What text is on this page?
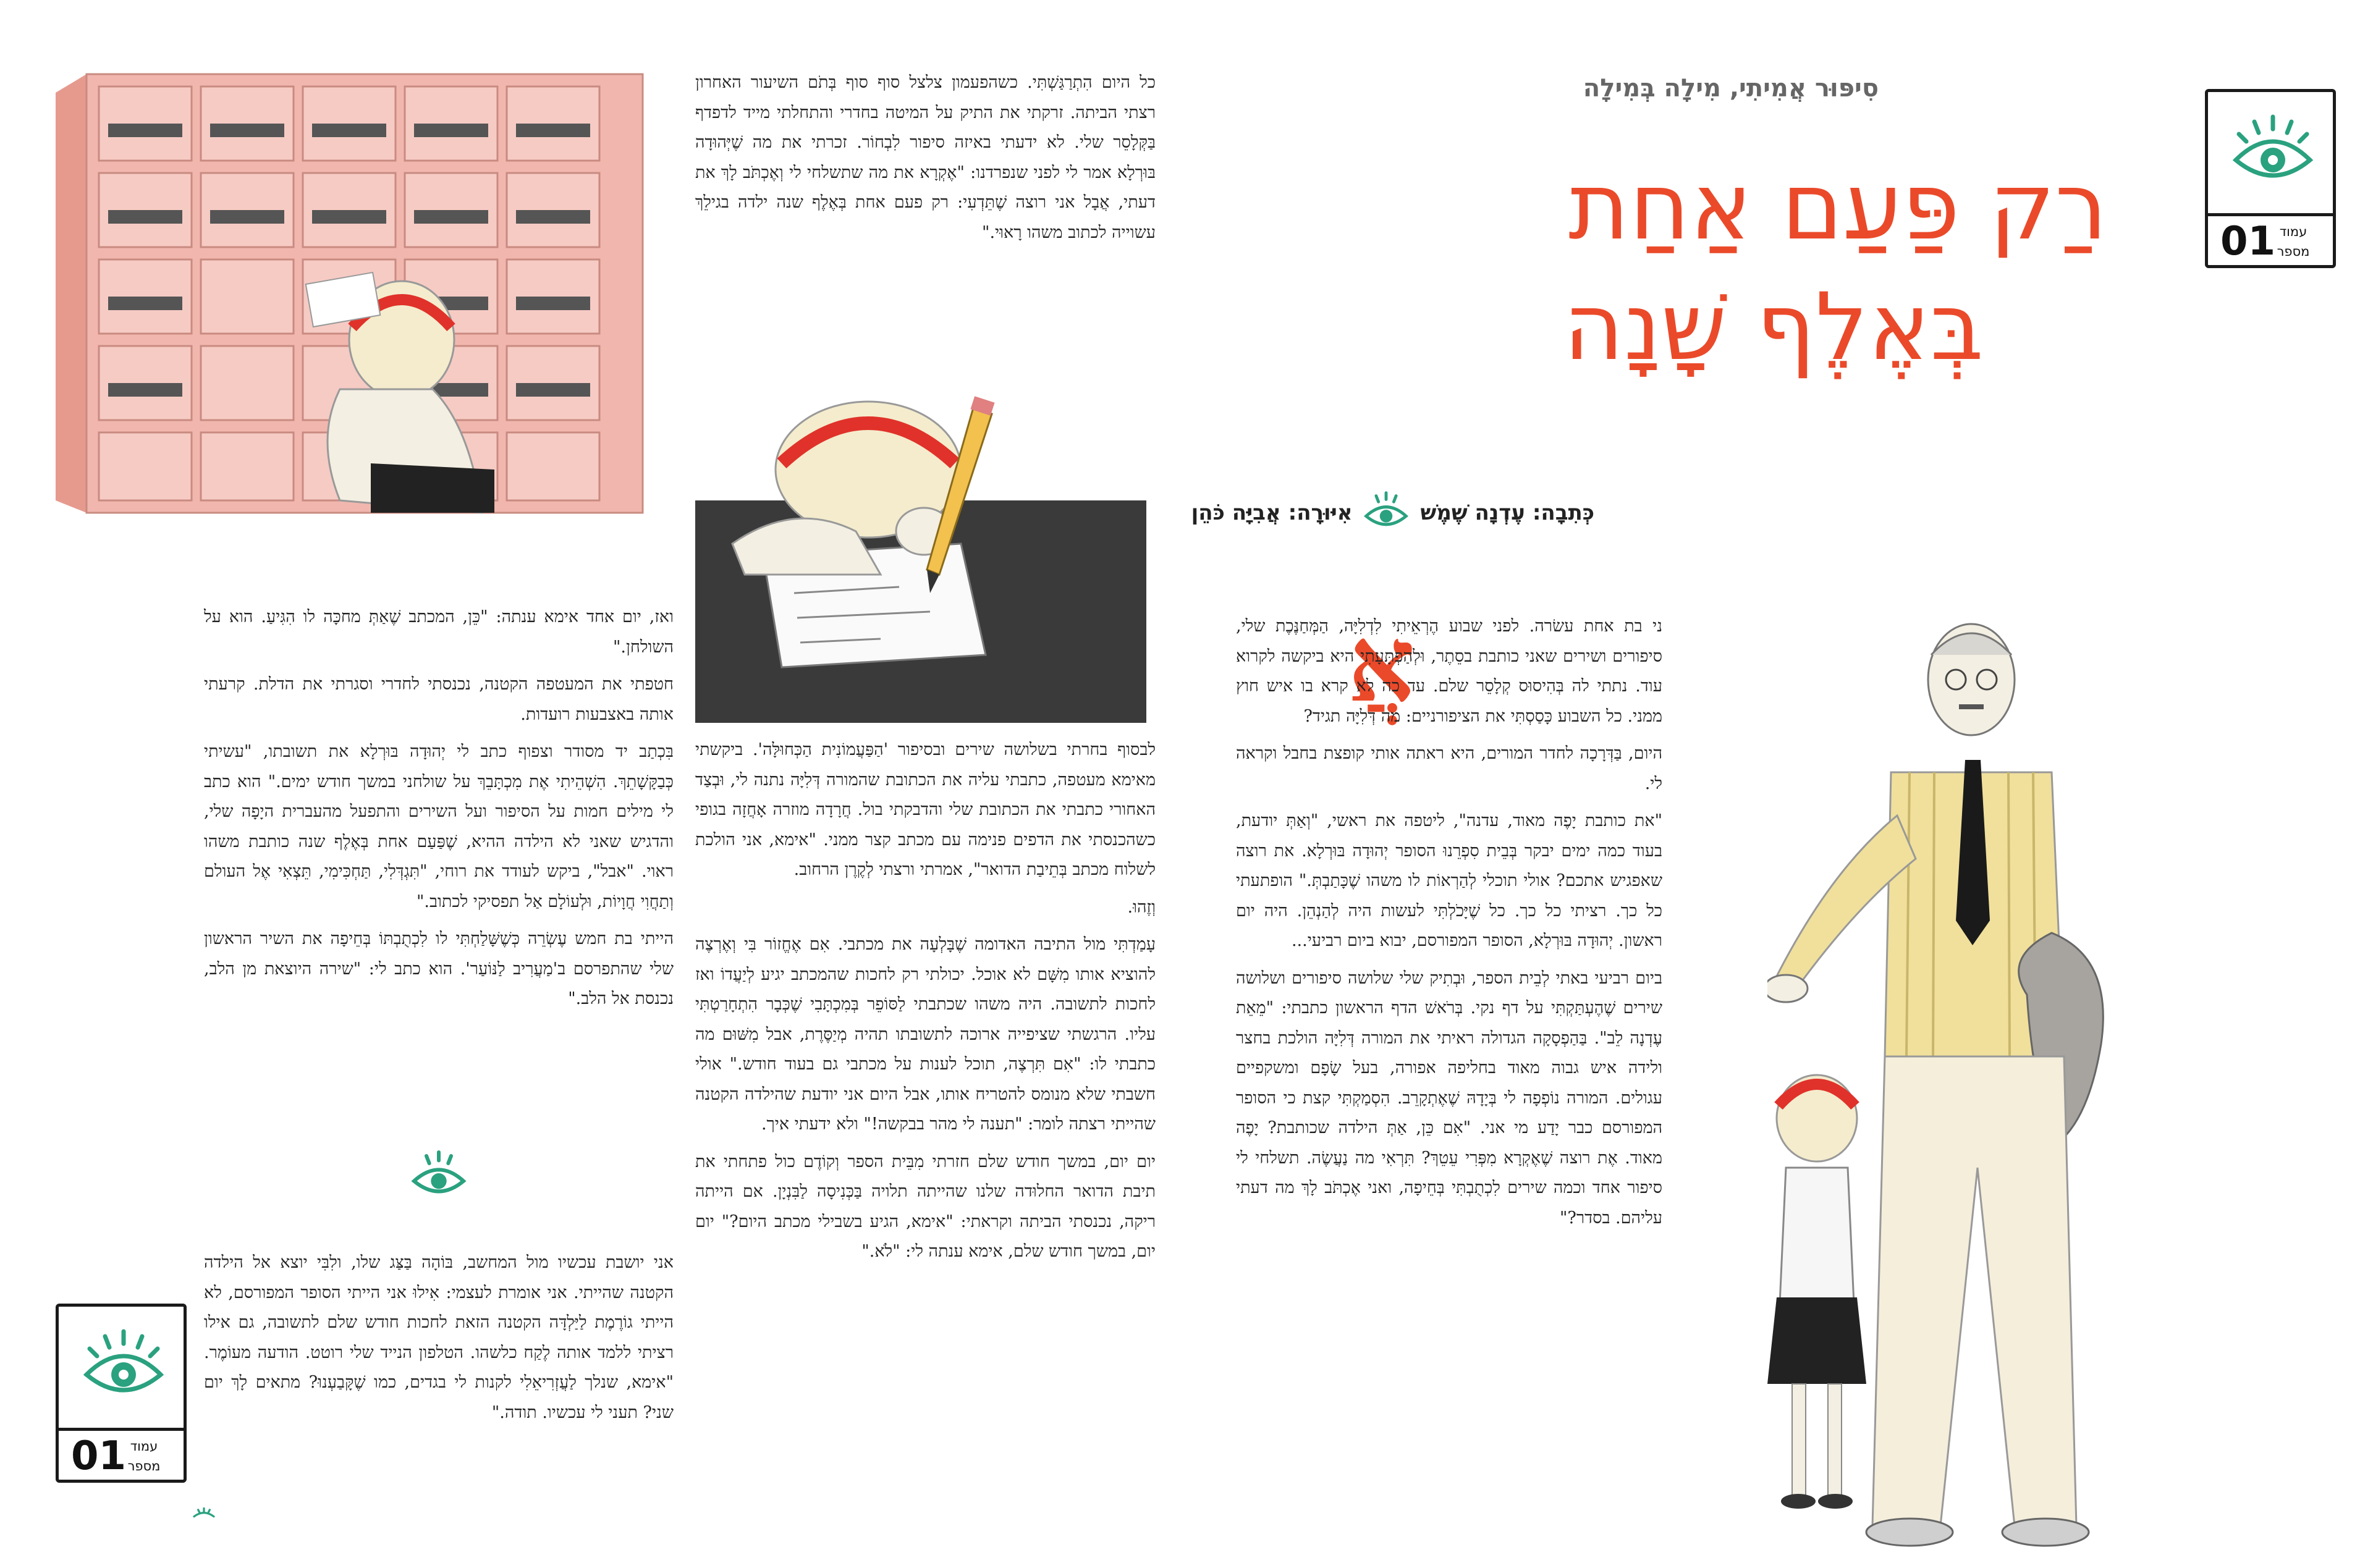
עמוד מספר
01
סִיפּוּר אֲמִיתִי, מִילָה בְּמִילָה
רַק פַּעַם אַחַת
בְּאֶלֶף שָׁנָה
כְּתִבָה:
עֶדְנָה שֶׁמֶשׁ
אִיּוּרָה:
אֲבִיָּה כֹּהֵן
אֲ

ני בת אחת עשׂרה. לפני שבוע הֶרְאֵיתִי לִדְלִיָּה, הַמְּחַנֶּכֶת שלי, סיפורים ושירים שאני כותבת בסֵתֶר, וּלְהַפְתָּעָתִי היא ביקשה לקרוא עוד. נתתי לה בְּהִיסוּס קְלָסֵר שלם. עד כה לא קרא בו איש חוץ ממני. כל השבוע כָּסַסְתִּי את הציפורניים: מה דְּלִיָּה תגיד?

היום, בַּדְּרָכָה לחדר המורים, היא ראתה אותי קופצת בחבל וקראה לי.

"את כותבת יָפֶה מאוד, עדנה", ליטפה את ראשי, "וְאַתְּ יודעת, בעוד כמה ימים יבקר בְּבֵית סִפְרֵנוּ הסופר יְהוּדָה בּוּרְלָא. את רוצה שאפגיש אתכם? אולי תוכלי לְהַרְאוֹת לו משהו שֶׁכָּתַבְתְּ." הופתעתי כל כך. רציתי כל כך. כל שֶׁיָּכֹלְתִּי לעשות היה לְהַנְהֵן. היה יום ראשון. יְהוּדָה בּוּרְלָא, הסופר המפורסם, יבוא ביום רביעי...

ביום רביעי באתי לְבֵית הספר, וּבְתִיק שלי שלושה סיפורים ושלושה שירים שֶׁהֶעְתַּקְתִּי על דף נקי. בְּרֹאשׁ הדף הראשון כתבתי: "מֵאֵת עֶדְנָה לֵב". בַּהַפְסָקָה הגדולה ראיתי את המורה דְּלִיָּה הולכת בחצר ולידה איש גבוה מאוד בחליפה אפורה, בעל שָׂפָם ומשקפיים עגולים. המורה נוֹפְפָה לי בְּיָדָהּ שֶׁאֶתְקָרֵב. הִסְמַקְתִּי קצת כי הסופר המפורסם כבר יָדַע מי אני. "אִם כֵּן, אַתְּ הילדה שכותבת? יָפֶה מאוד. אֶת רוצה שֶׁאֶקְרָא מִפְּרִי עֵטֵךְ? תִּרְאִי מה נַעֲשֶׂה. תשלחי לי סיפור אחד וכמה שירים לִכְתֻבְתִּי בְּחֵיפָה, ואני אֶכְתֹּב לָךְ מה דעתי עליהם. בסדר?"

כל היום הִתְרַגַּשְׁתִּי. כשהפעמון צלצל סוף סוף בְּתֹם השיעור האחרון רצתי הביתה. זרקתי את התיק על המיטה בחדרי והתחלתי מייד לדפדף בַּקְּלָסֵר שלי. לא ידעתי באיזה סיפור לִבְחוֹר. זכרתי את מה שֶׁיְּהוּדָה בּוּרְלָא אמר לי לפני שנפרדנו: "אֶקְרָא את מה שתשלחי לי וְאֶכְתֹּב לָךְ את דעתי, אֲבָל אני רוצה שֶׁתֵּדְעִי: רק פעם אחת בְּאֶלֶף שנה ילדה בגילֵךְ עשוייה לכתוב משהו רָאוּי."

לבסוף בחרתי בשלושה שירים ובסיפור 'הַפַּעֲמוֹנִית הַכְּחוּלָּה'. ביקשתי מאימא מעטפה, כתבתי עליה את הכתובת שהמורה דְּלִיָּה נתנה לי, וּבְצַד האחורי כתבתי את הכתובת שלי והדבקתי בול. חֲרָדָה מוזרה אָחֲזָה בגופי כשהכנסתי את הדפים פנימה עם מכתב קצר ממני. "אימא, אני הולכת לשלוח מכתב בְּתֵיבַת הדואר", אמרתי ורצתי לְקֶרֶן הרחוב.

וְזֶהוּ.

עָמַדְתִּי מול התיבה האדומה שֶׁבָּלְעָה את מכתבי. אִם אֶחֱזוֹר בִּי וְאֶרְצֶה להוציא אותו מִשָּׁם לא אוכל. יכולתי רק לחכות שהמכתב יגיע לְיַעֲדוֹ ואז לחכות לתשובה. היה משהו שכתבתי לַסּוֹפֵר בְּמִכְתָּבִי שֶׁכְּבָר הִתְחָרַטְתִּי עליו. הרגשתי שציפייה ארוכה לתשובתו תהיה מְיַסֶּרֶת, אבל מִשּׁוּם מה כתבתי לו: "אִם תִּרְצֶה, תוכל לענות על מכתבי גם בעוד חודש." אולי חשבתי שלא מנומס להטריח אותו, אבל היום אני יודעת שהילדה הקטנה שהייתי רצתה לומר: "תענה לי מהר בבקשה!" ולא ידעתי איך.

יום יום, במשך חודש שלם חזרתי מִבֵּית הספר וְקוֹדֶם כול פתחתי את תיבת הדואר החלוּדה שלנו שהייתה תלויה בַּכְּנִיסָה לַבִּנְיָן. אם הייתה ריקה, נכנסתי הביתה וקראתי: "אימא, הגיע בשבילי מכתב היום?" יום יום, במשך חודש שלם, אימא ענתה לי: "לֹא."

ואז, יום אחד אימא ענתה: "כֵּן, המכתב שֶׁאַתְּ מחכָּה לו הִגִּיעַ. הוא על השולחן."

חטפתי את המעטפה הקטנה, נכנסתי לחדרי וסגרתי את הדלת. קרעתי אותה באצבעות רועדות.

בִּכְתַב יד מסודר וצפוף כתב לי יְהוּדָה בּוּרְלָא את תשובתו, "עשיתי כְּבַקָּשָׁתֵךְ. הִשְׁהֵיתִי אֶת מִכְתָּבֵךְ על שולחני במשך חודש ימים." הוא כתב לי מילים חמות על הסיפור ועל השירים והתפעל מהעברית היָפָה שלי, והדגיש שאני לא הילדה ההיא, שֶׁפַּעַם אחת בְּאֶלֶף שנה כותבת משהו ראוי. "אבל", ביקש לעודד את רוחי, "תִּגְדְּלִי, תַּחְכִּימִי, תֵּצְאִי אֶל העולם וְתַחֲוִי חֲוָיוֹת, וּלְעוֹלָם אַל תפסיקי לכתוב."

הייתי בת חמש עֶשְׂרֵה כְּשֶׁשָּׁלַחְתִּי לו לִכְתֻבְתּוֹ בְּחֵיפָה את השיר הראשון שלי שהתפרסם ב'מַעֲרִיב לַנּוֹעַר'. הוא כתב לי: "שירה היוצאת מן הלב, נכנסת אל הלב."

אני יושבת עכשיו מול המחשב, בּוֹהָה בַּצַּג שלו, ולִבִּי יוצא אל הילדה הקטנה שהייתי. אני אומרת לעצמי: אִילוּ אני הייתי הסופר המפורסם, לא הייתי גוֹרֶמֶת לַיַּלְדָּה הקטנה הזאת לחכות חודש שלם לתשובה, גם אילו רציתי ללמד אותה לֶקַח כלשהו. הטלפון הנייד שלי רוטט. הודעה מעוֹמֶר. "אימא, שנלך לַעֲזְרִיאֵלִי לקנות לי בגדים, כמו שֶׁקָּבַעְנוּ? מתאים לָךְ יום שני? תעני לי עכשיו. תודה."

עמוד מספר
01
